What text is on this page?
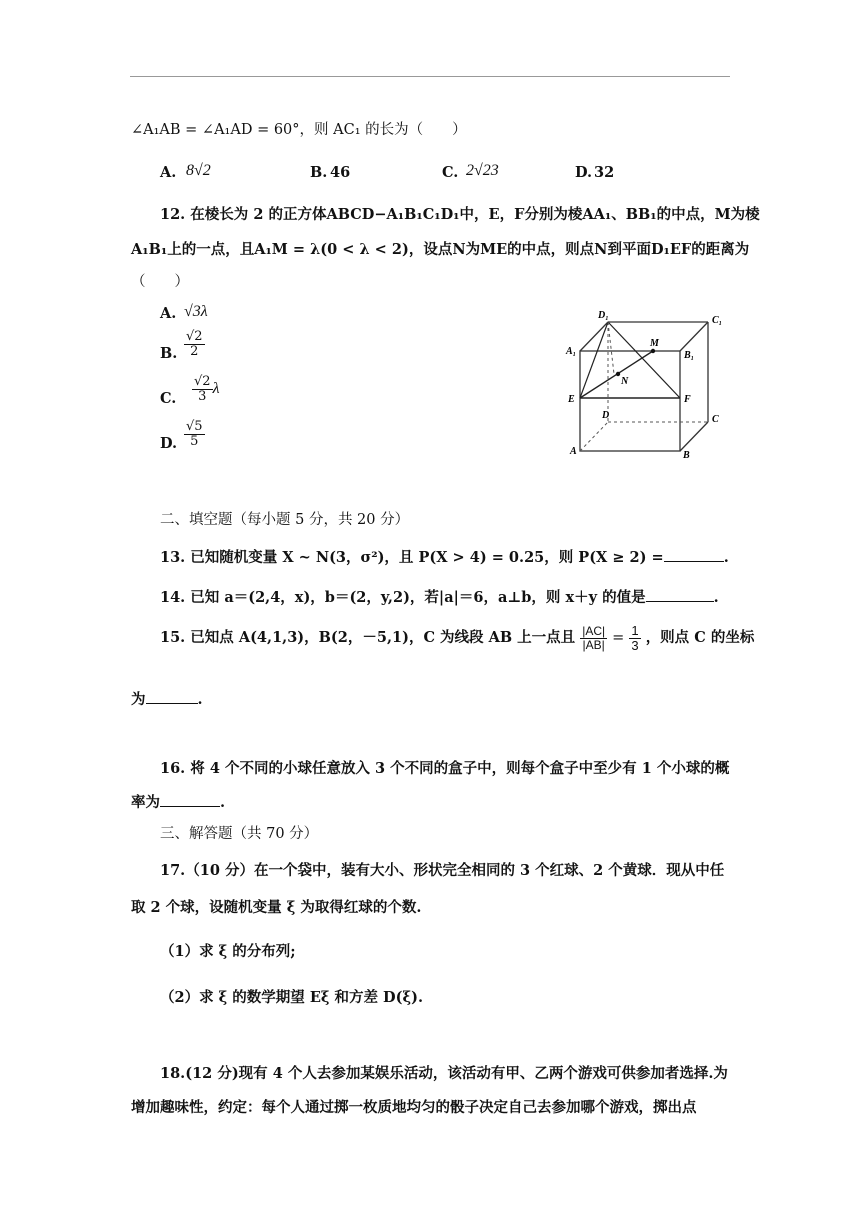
∠A₁AB = ∠A₁AD = 60°，则 AC₁ 的长为（　　）
A. 8√2	B. 46	C. 2√23	D. 32
12. 在棱长为 2 的正方体ABCD−A₁B₁C₁D₁中，E，F分别为棱AA₁、BB₁的中点，M为棱
A₁B₁上的一点，且A₁M = λ(0 < λ < 2)，设点N为ME的中点，则点N到平面D₁EF的距离为
（　　）
A. √3λ
B. $\frac{√2}{2}$
C. $\frac{√2}{3}$ λ
D. $\frac{√5}{5}$
D₁	C₁
A₁	B₁
M
N
E	F
D	C
A	B
二、填空题（每小题 5 分，共 20 分）
13. 已知随机变量 X ~ N(3，σ²)，且 P(X > 4) = 0.25，则 P(X ≥ 2) =	.
14. 已知 a＝(2,4，x)，b＝(2，y,2)，若|a|＝6，a⊥b，则 x＋y 的值是	.
15. 已知点 A(4,1,3)，B(2，－5,1)，C 为线段 AB 上一点且 $\frac{|AC|}{|AB|} = \frac{1}{3}$ ，则点 C 的坐标
为	.
16. 将 4 个不同的小球任意放入 3 个不同的盒子中，则每个盒子中至少有 1 个小球的概
率为	.
三、解答题（共 70 分）
17.（10 分）在一个袋中，装有大小、形状完全相同的 3 个红球、2 个黄球．现从中任
取 2 个球，设随机变量 ξ 为取得红球的个数.
（1）求 ξ 的分布列;
（2）求 ξ 的数学期望 Eξ 和方差 D(ξ).
18.(12 分)现有 4 个人去参加某娱乐活动，该活动有甲、乙两个游戏可供参加者选择.为
增加趣味性，约定：每个人通过掷一枚质地均匀的骰子决定自己去参加哪个游戏，掷出点
